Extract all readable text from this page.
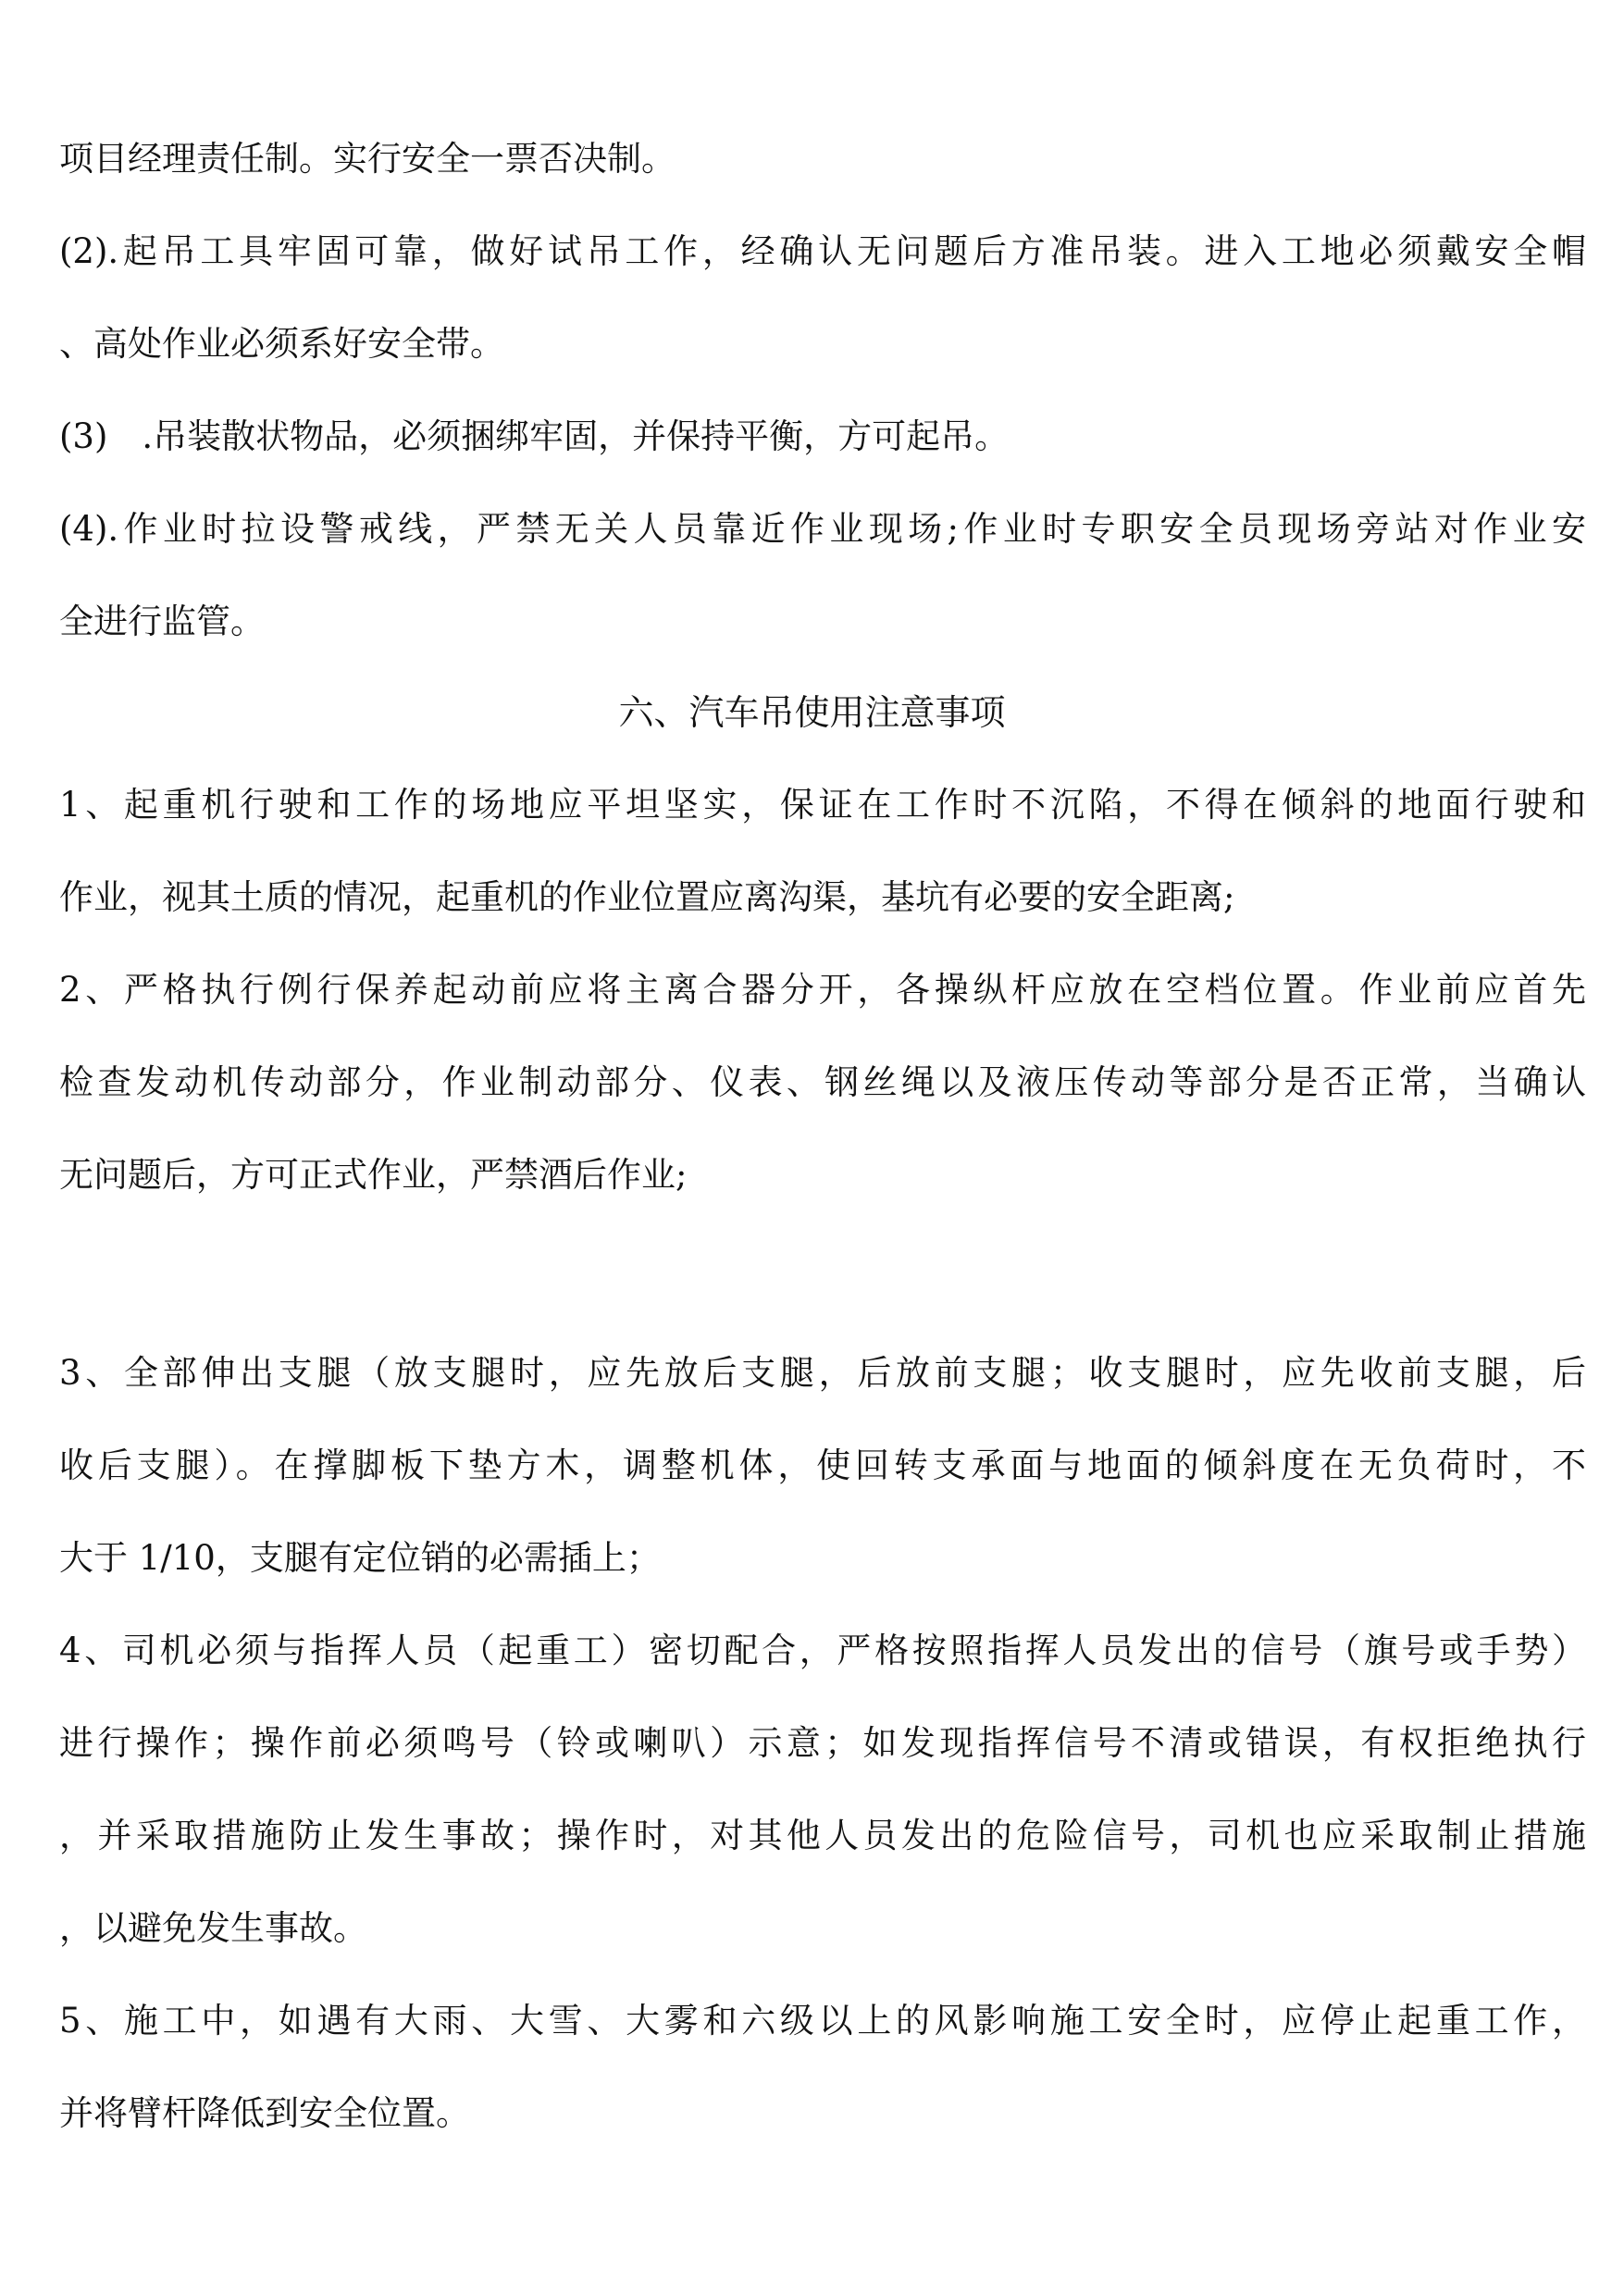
项目经理责任制。实行安全一票否决制。

(2).起吊工具牢固可靠，做好试吊工作，经确认无问题后方准吊装。进入工地必须戴安全帽

、高处作业必须系好安全带。

(3)　.吊装散状物品，必须捆绑牢固，并保持平衡，方可起吊。

(4).作业时拉设警戒线，严禁无关人员靠近作业现场;作业时专职安全员现场旁站对作业安

全进行监管。

六、汽车吊使用注意事项

1、起重机行驶和工作的场地应平坦坚实，保证在工作时不沉陷，不得在倾斜的地面行驶和

作业，视其土质的情况，起重机的作业位置应离沟渠，基坑有必要的安全距离;

2、严格执行例行保养起动前应将主离合器分开，各操纵杆应放在空档位置。作业前应首先

检查发动机传动部分，作业制动部分、仪表、钢丝绳以及液压传动等部分是否正常，当确认

无问题后，方可正式作业，严禁酒后作业;

3、全部伸出支腿（放支腿时，应先放后支腿，后放前支腿；收支腿时，应先收前支腿，后

收后支腿）。在撑脚板下垫方木，调整机体，使回转支承面与地面的倾斜度在无负荷时，不

大于 1/10，支腿有定位销的必需插上；

4、司机必须与指挥人员（起重工）密切配合，严格按照指挥人员发出的信号（旗号或手势）

进行操作；操作前必须鸣号（铃或喇叭）示意；如发现指挥信号不清或错误，有权拒绝执行

，并采取措施防止发生事故；操作时，对其他人员发出的危险信号，司机也应采取制止措施

，以避免发生事故。

5、施工中，如遇有大雨、大雪、大雾和六级以上的风影响施工安全时，应停止起重工作，

并将臂杆降低到安全位置。
